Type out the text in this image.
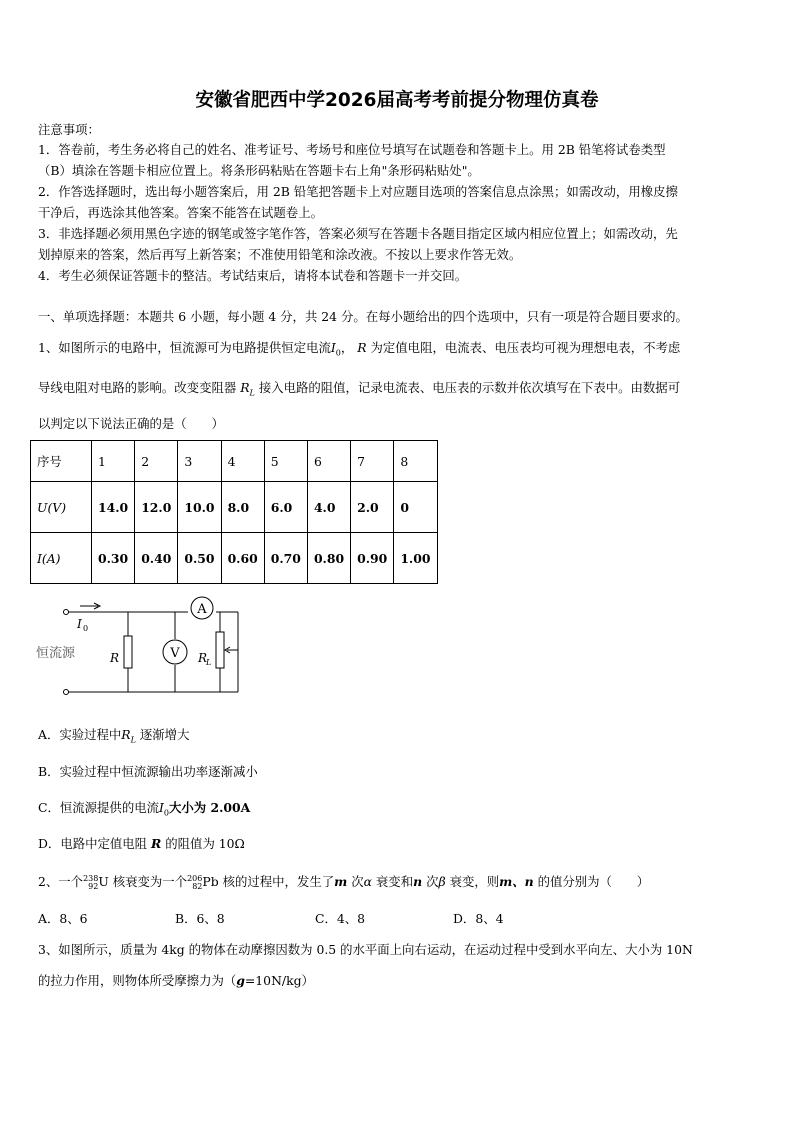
安徽省肥西中学2026届高考考前提分物理仿真卷
注意事项：
1．答卷前，考生务必将自己的姓名、准考证号、考场号和座位号填写在试题卷和答题卡上。用 2B 铅笔将试卷类型
（B）填涂在答题卡相应位置上。将条形码粘贴在答题卡右上角"条形码粘贴处"。
2．作答选择题时，选出每小题答案后，用 2B 铅笔把答题卡上对应题目选项的答案信息点涂黑；如需改动，用橡皮擦
干净后，再选涂其他答案。答案不能答在试题卷上。
3．非选择题必须用黑色字迹的钢笔或签字笔作答，答案必须写在答题卡各题目指定区域内相应位置上；如需改动，先
划掉原来的答案，然后再写上新答案；不准使用铅笔和涂改液。不按以上要求作答无效。
4．考生必须保证答题卡的整洁。考试结束后，请将本试卷和答题卡一并交回。
一、单项选择题：本题共 6 小题，每小题 4 分，共 24 分。在每小题给出的四个选项中，只有一项是符合题目要求的。
1、如图所示的电路中，恒流源可为电路提供恒定电流$I_0$， R 为定值电阻，电流表、电压表均可视为理想电表，不考虑
导线电阻对电路的影响。改变变阻器 $R_L$ 接入电路的阻值，记录电流表、电压表的示数并依次填写在下表中。由数据可
以判定以下说法正确的是（　　）
序号	1	2	3	4	5	6	7	8
U(V)	14.0	12.0	10.0	8.0	6.0	4.0	2.0	0
I(A)	0.30	0.40	0.50	0.60	0.70	0.80	0.90	1.00
I 0
恒流源	R	R
L
V
A
A．实验过程中$R_L$ 逐渐增大
B．实验过程中恒流源输出功率逐渐减小
C．恒流源提供的电流$I_0$大小为 2.00A
D．电路中定值电阻 R 的阻值为 10Ω
2、一个238
92U 核衰变为一个206
82Pb 核的过程中，发生了m 次α 衰变和n 次β 衰变，则m、n 的值分别为（　　）
A．8、6	B．6、8	C．4、8	D．8、4
3、如图所示，质量为 4kg 的物体在动摩擦因数为 0.5 的水平面上向右运动，在运动过程中受到水平向左、大小为 10N
的拉力作用，则物体所受摩擦力为（g=10N/kg）
